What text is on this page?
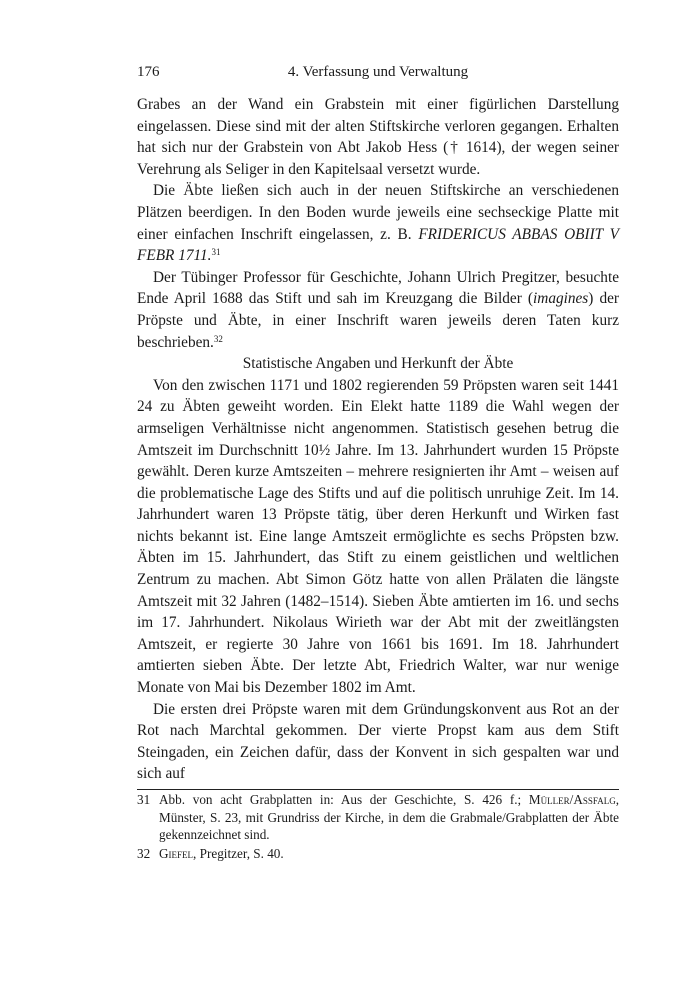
176	4. Verfassung und Verwaltung

Grabes an der Wand ein Grabstein mit einer figürlichen Darstellung eingelassen. Diese sind mit der alten Stiftskirche verloren gegangen. Erhalten hat sich nur der Grabstein von Abt Jakob Hess († 1614), der wegen seiner Verehrung als Seliger in den Kapitelsaal versetzt wurde.

Die Äbte ließen sich auch in der neuen Stiftskirche an verschiedenen Plätzen beerdigen. In den Boden wurde jeweils eine sechseckige Platte mit einer einfachen Inschrift eingelassen, z. B. FRIDERICUS ABBAS OBIIT V FEBR 1711.31

Der Tübinger Professor für Geschichte, Johann Ulrich Pregitzer, besuchte Ende April 1688 das Stift und sah im Kreuzgang die Bilder (imagines) der Pröpste und Äbte, in einer Inschrift waren jeweils deren Taten kurz beschrieben.$^{32}$

Statistische Angaben und Herkunft der Äbte

Von den zwischen 1171 und 1802 regierenden 59 Pröpsten waren seit 1441 24 zu Äbten geweiht worden. Ein Elekt hatte 1189 die Wahl wegen der armseligen Verhältnisse nicht angenommen. Statistisch gesehen betrug die Amtszeit im Durchschnitt 10½ Jahre. Im 13. Jahrhundert wurden 15 Pröpste gewählt. Deren kurze Amtszeiten – mehrere resignierten ihr Amt – weisen auf die problematische Lage des Stifts und auf die politisch unruhige Zeit. Im 14. Jahrhundert waren 13 Pröpste tätig, über deren Herkunft und Wirken fast nichts bekannt ist. Eine lange Amtszeit ermöglichte es sechs Pröpsten bzw. Äbten im 15. Jahrhundert, das Stift zu einem geistlichen und weltlichen Zentrum zu machen. Abt Simon Götz hatte von allen Prälaten die längste Amtszeit mit 32 Jahren (1482–1514). Sieben Äbte amtierten im 16. und sechs im 17. Jahrhundert. Nikolaus Wirieth war der Abt mit der zweitlängsten Amtszeit, er regierte 30 Jahre von 1661 bis 1691. Im 18. Jahrhundert amtierten sieben Äbte. Der letzte Abt, Friedrich Walter, war nur wenige Monate von Mai bis Dezember 1802 im Amt.

Die ersten drei Pröpste waren mit dem Gründungskonvent aus Rot an der Rot nach Marchtal gekommen. Der vierte Propst kam aus dem Stift Steingaden, ein Zeichen dafür, dass der Konvent in sich gespalten war und sich auf

31 Abb. von acht Grabplatten in: Aus der Geschichte, S. 426 f.; Müller/Assfalg, Münster, S. 23, mit Grundriss der Kirche, in dem die Grabmale/Grabplatten der Äbte gekennzeichnet sind.
32 Giefel, Pregitzer, S. 40.
